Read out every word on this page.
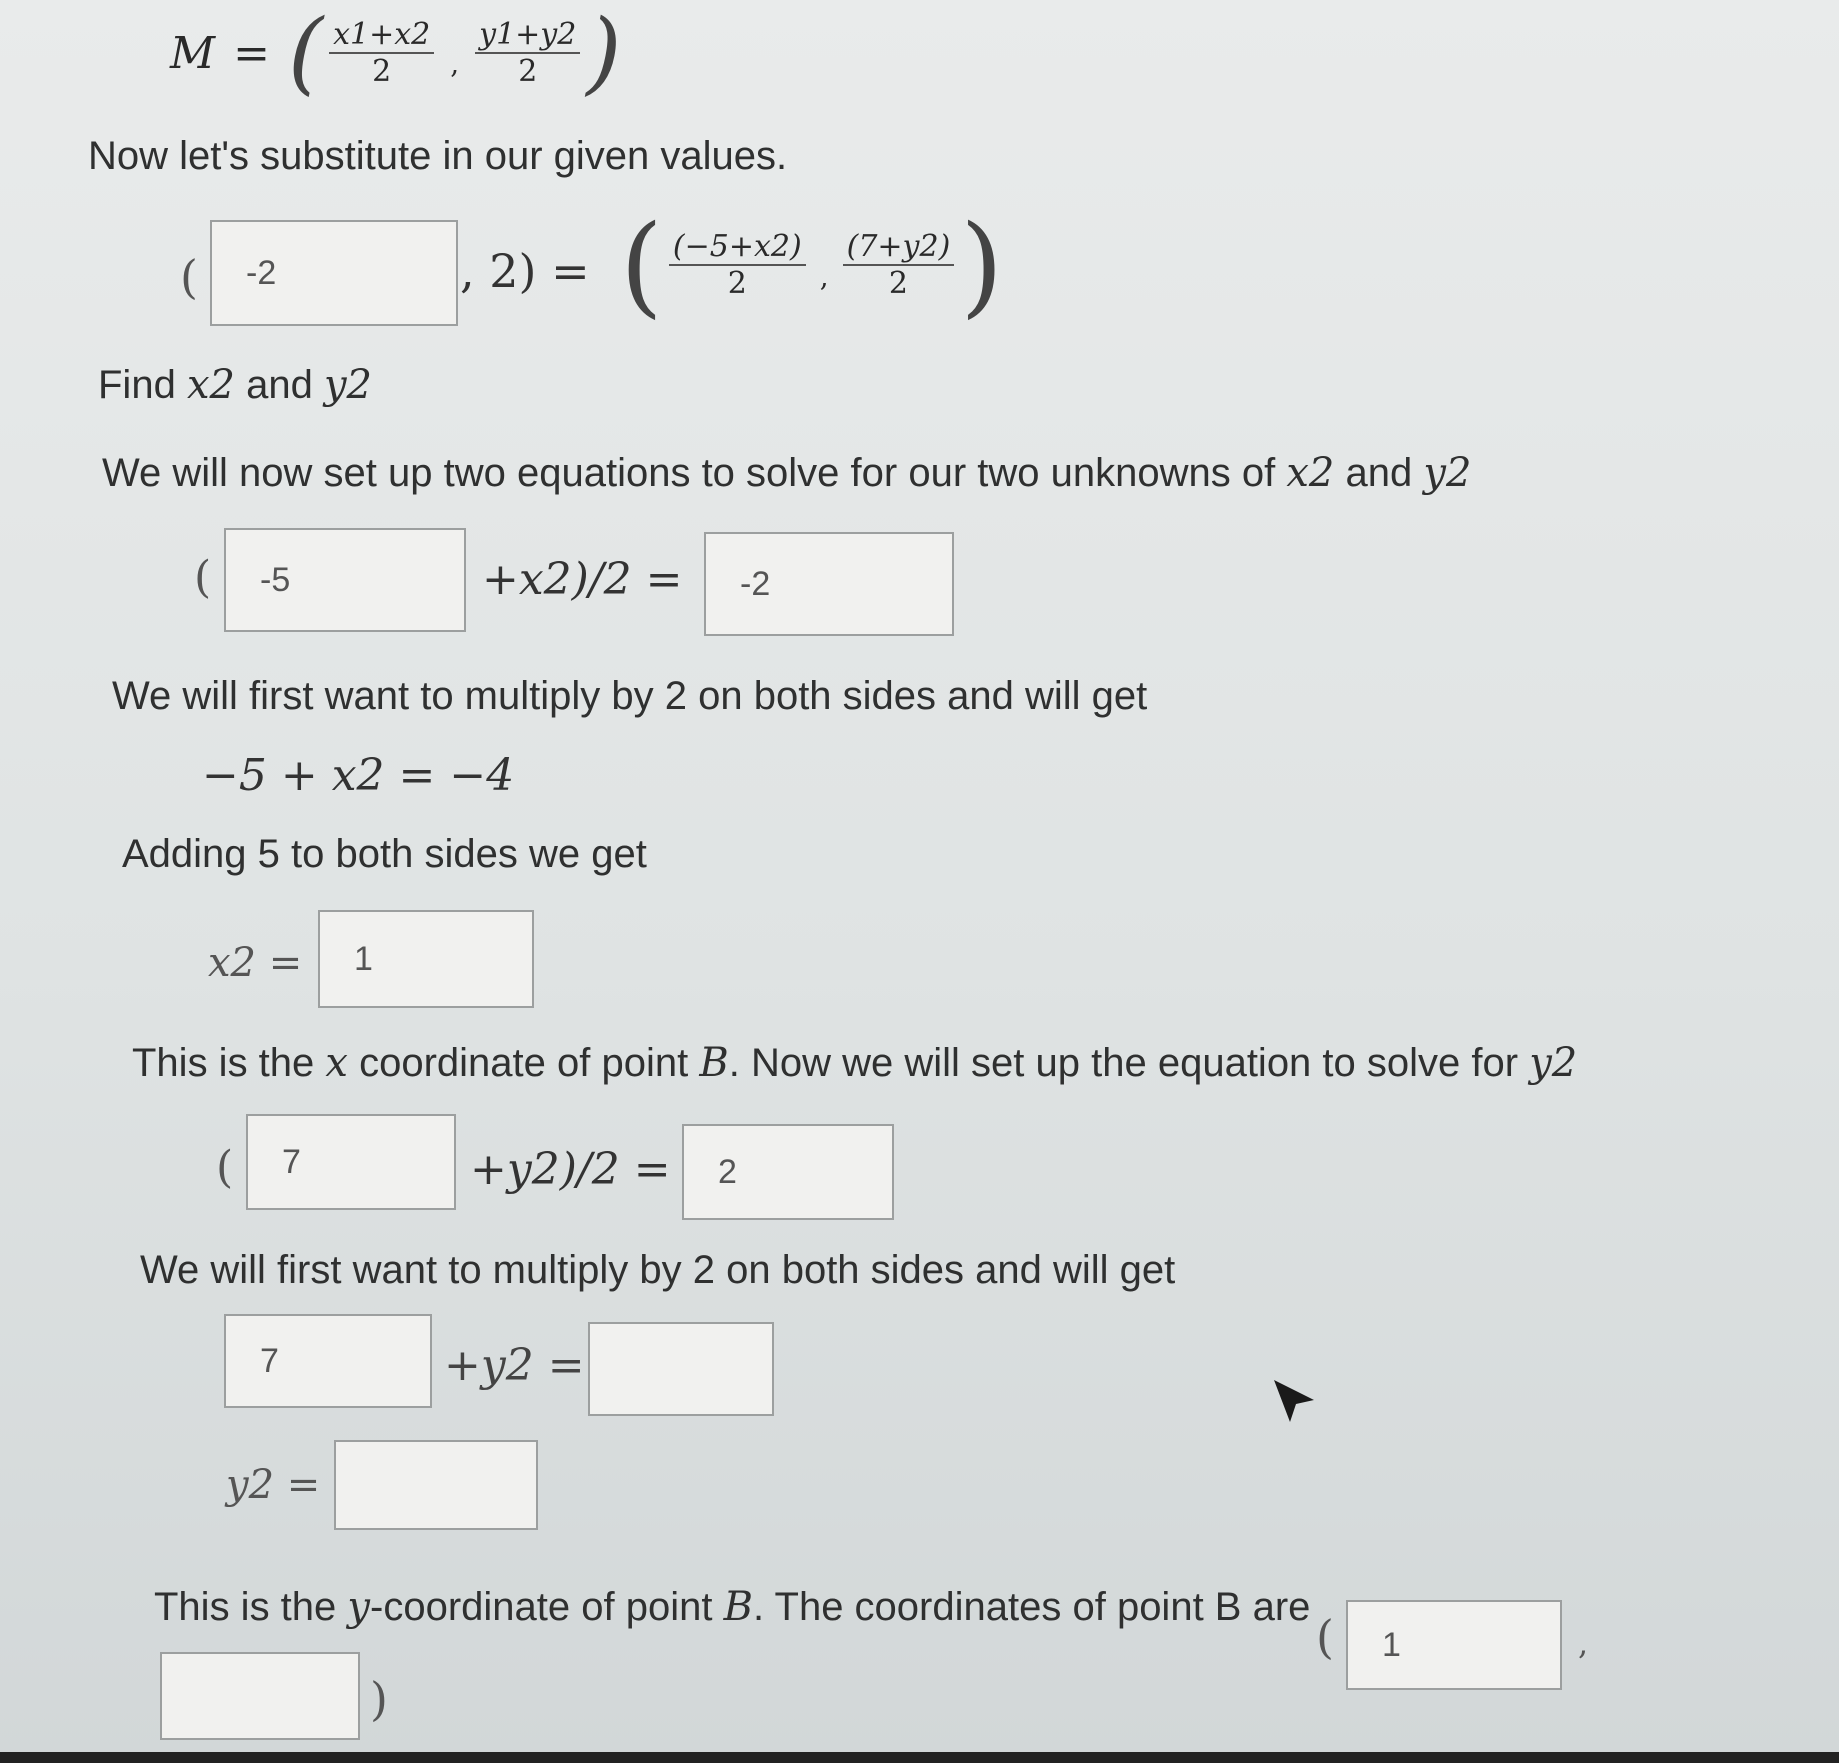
M = ( $\frac{x1+x2}{2}$ , $\frac{y1+y2}{2}$ )
Now let's substitute in our given values.
(
-2	, 2) = ( $\frac{(-5+x2)}{2}$ , $\frac{(7+y2)}{2}$ )
Find x2 and y2
We will now set up two equations to solve for our two unknowns of x2 and y2
(
-5	+x2)/2 =
-2
We will first want to multiply by 2 on both sides and will get
−5 + x2 = −4
Adding 5 to both sides we get
x2 =
1
This is the x coordinate of point B. Now we will set up the equation to solve for y2
(
7	+y2)/2 =
2
We will first want to multiply by 2 on both sides and will get
7
+y2 =
y2 =
This is the y-coordinate of point B. The coordinates of point B are
(
1	,
)
